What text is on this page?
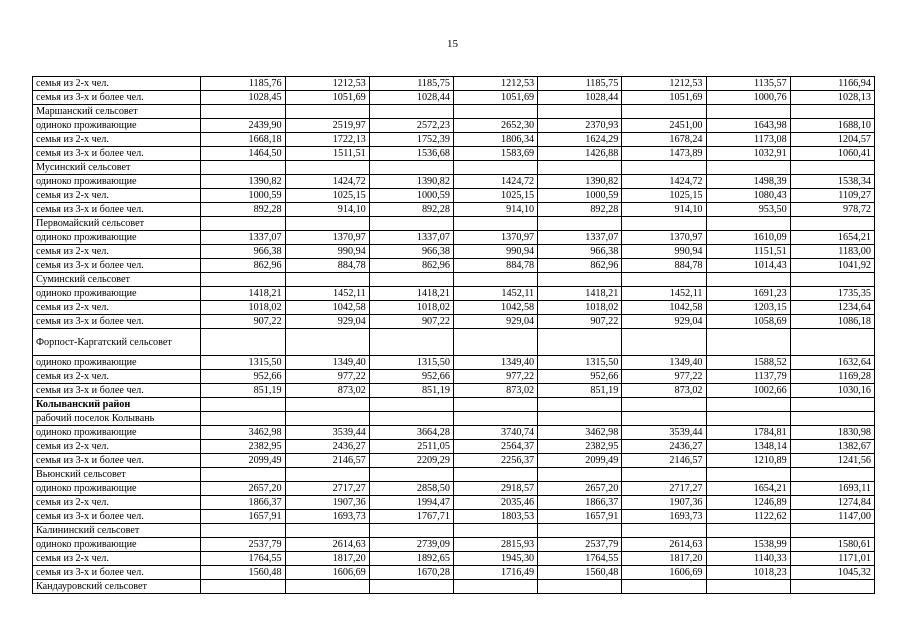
15
семья из 2-х чел.	1185,76	1212,53	1185,75	1212,53	1185,75	1212,53	1135,57	1166,94
семья из 3-х и более чел.	1028,45	1051,69	1028,44	1051,69	1028,44	1051,69	1000,76	1028,13
Маршанский сельсовет								
одиноко проживающие	2439,90	2519,97	2572,23	2652,30	2370,93	2451,00	1643,98	1688,10
семья из 2-х чел.	1668,18	1722,13	1752,39	1806,34	1624,29	1678,24	1173,08	1204,57
семья из 3-х и более чел.	1464,50	1511,51	1536,68	1583,69	1426,88	1473,89	1032,91	1060,41
Мусинский сельсовет								
одиноко проживающие	1390,82	1424,72	1390,82	1424,72	1390,82	1424,72	1498,39	1538,34
семья из 2-х чел.	1000,59	1025,15	1000,59	1025,15	1000,59	1025,15	1080,43	1109,27
семья из 3-х и более чел.	892,28	914,10	892,28	914,10	892,28	914,10	953,50	978,72
Первомайский сельсовет								
одиноко проживающие	1337,07	1370,97	1337,07	1370,97	1337,07	1370,97	1610,09	1654,21
семья из 2-х чел.	966,38	990,94	966,38	990,94	966,38	990,94	1151,51	1183,00
семья из 3-х и более чел.	862,96	884,78	862,96	884,78	862,96	884,78	1014,43	1041,92
Суминский сельсовет								
одиноко проживающие	1418,21	1452,11	1418,21	1452,11	1418,21	1452,11	1691,23	1735,35
семья из 2-х чел.	1018,02	1042,58	1018,02	1042,58	1018,02	1042,58	1203,15	1234,64
семья из 3-х и более чел.	907,22	929,04	907,22	929,04	907,22	929,04	1058,69	1086,18
Форпост-Каргатский сельсовет								
одиноко проживающие	1315,50	1349,40	1315,50	1349,40	1315,50	1349,40	1588,52	1632,64
семья из 2-х чел.	952,66	977,22	952,66	977,22	952,66	977,22	1137,79	1169,28
семья из 3-х и более чел.	851,19	873,02	851,19	873,02	851,19	873,02	1002,66	1030,16
Колыванский район								
рабочий поселок Колывань								
одиноко проживающие	3462,98	3539,44	3664,28	3740,74	3462,98	3539,44	1784,81	1830,98
семья из 2-х чел.	2382,95	2436,27	2511,05	2564,37	2382,95	2436,27	1348,14	1382,67
семья из 3-х и более чел.	2099,49	2146,57	2209,29	2256,37	2099,49	2146,57	1210,89	1241,56
Вьюнский сельсовет								
одиноко проживающие	2657,20	2717,27	2858,50	2918,57	2657,20	2717,27	1654,21	1693,11
семья из 2-х чел.	1866,37	1907,36	1994,47	2035,46	1866,37	1907,36	1246,89	1274,84
семья из 3-х и более чел.	1657,91	1693,73	1767,71	1803,53	1657,91	1693,73	1122,62	1147,00
Калининский сельсовет								
одиноко проживающие	2537,79	2614,63	2739,09	2815,93	2537,79	2614,63	1538,99	1580,61
семья из 2-х чел.	1764,55	1817,20	1892,65	1945,30	1764,55	1817,20	1140,33	1171,01
семья из 3-х и более чел.	1560,48	1606,69	1670,28	1716,49	1560,48	1606,69	1018,23	1045,32
Кандауровский сельсовет								
